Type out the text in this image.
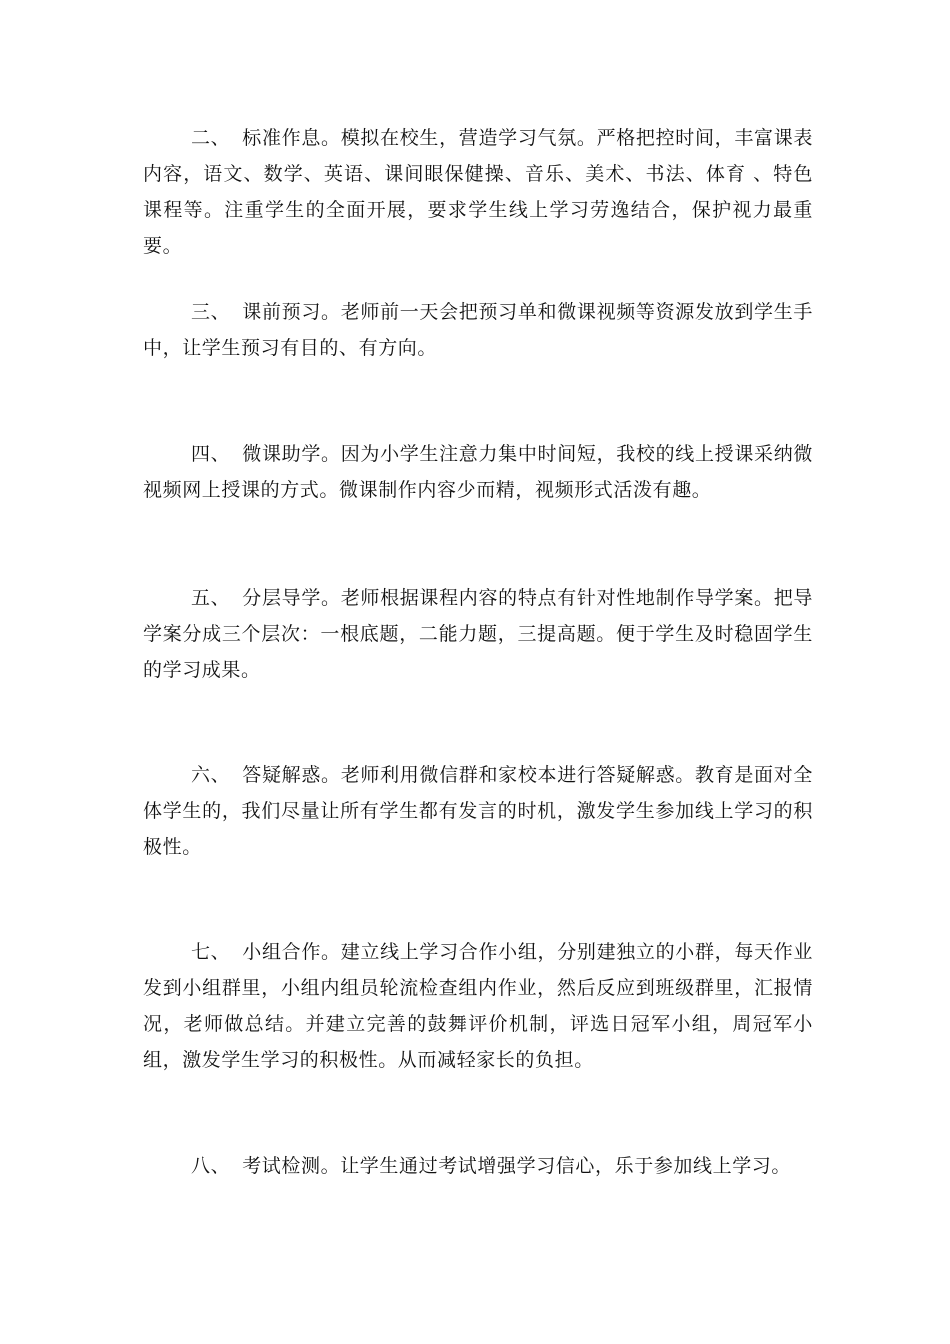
二、 标准作息。模拟在校生，营造学习气氛。严格把控时间，丰富课表内容，语文、数学、英语、课间眼保健操、音乐、美术、书法、体育 、特色课程等。注重学生的全面开展，要求学生线上学习劳逸结合，保护视力最重要。

三、 课前预习。老师前一天会把预习单和微课视频等资源发放到学生手中，让学生预习有目的、有方向。

四、 微课助学。因为小学生注意力集中时间短，我校的线上授课采纳微视频网上授课的方式。微课制作内容少而精，视频形式活泼有趣。

五、 分层导学。老师根据课程内容的特点有针对性地制作导学案。把导学案分成三个层次：一根底题，二能力题，三提高题。便于学生及时稳固学生的学习成果。

六、 答疑解惑。老师利用微信群和家校本进行答疑解惑。教育是面对全体学生的，我们尽量让所有学生都有发言的时机，激发学生参加线上学习的积极性。

七、 小组合作。建立线上学习合作小组，分别建独立的小群，每天作业发到小组群里，小组内组员轮流检查组内作业，然后反应到班级群里，汇报情况，老师做总结。并建立完善的鼓舞评价机制，评选日冠军小组，周冠军小组，激发学生学习的积极性。从而减轻家长的负担。

八、 考试检测。让学生通过考试增强学习信心，乐于参加线上学习。
